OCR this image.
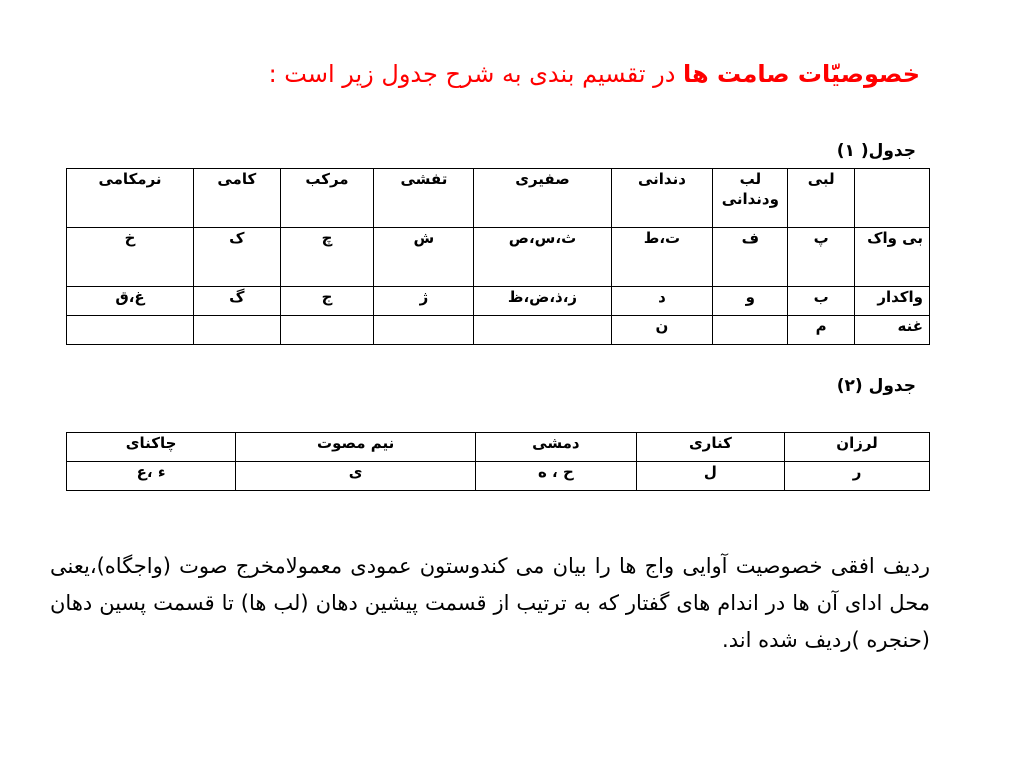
خصوصیّات صامت ها در تقسیم بندی به شرح جدول زیر است :
جدول( ۱)
	لبی	لب ودندانی	دندانی	صفیری	تفشی	مرکب	کامی	نرمکامی
بی واک	پ	ف	ت،ط	ث،س،ص	ش	چ	ک	خ
واکدار	ب	و	د	ز،ذ،ض،ظ	ژ	ج	گ	غ،ق
غنه	م		ن					
جدول (۲)
لرزان	کناری	دمشی	نیم مصوت	چاکنای
ر	ل	ح ، ه	ی	ء ،ع
ردیف افقی خصوصیت آوایی واج ها را بیان می کندوستون عمودی معمولامخرج صوت (واجگاه)،یعنی محل ادای آن ها در اندام های گفتار که به ترتیب از قسمت پیشین دهان (لب ها) تا قسمت پسین دهان (حنجره )ردیف شده اند.
